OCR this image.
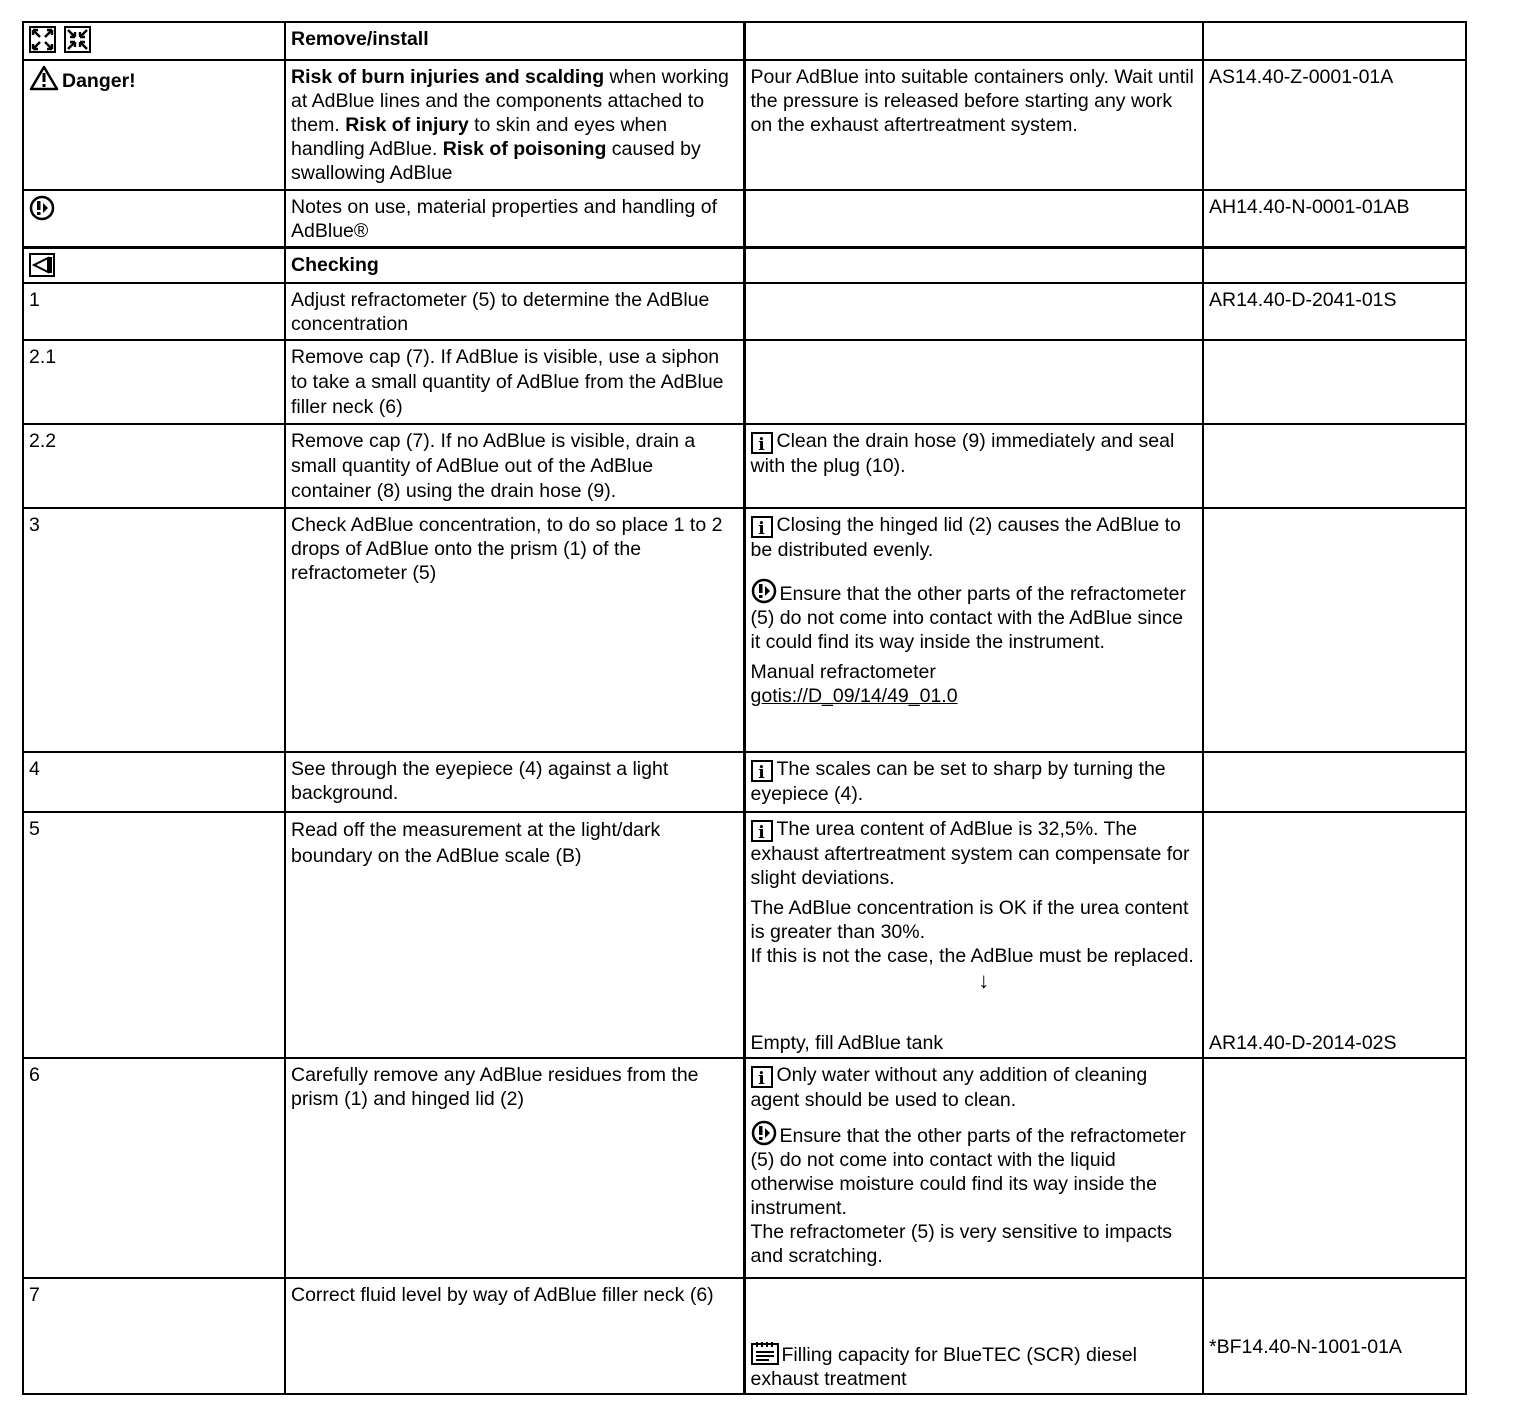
	Remove/install		
Danger!	Risk of burn injuries and scalding when working at AdBlue lines and the components attached to them. Risk of injury to skin and eyes when handling AdBlue. Risk of poisoning caused by swallowing AdBlue	Pour AdBlue into suitable containers only. Wait until the pressure is released before starting any work on the exhaust aftertreatment system.	AS14.40-Z-0001-01A
	Notes on use, material properties and handling of AdBlue®		AH14.40-N-0001-01AB
	Checking		
1	Adjust refractometer (5) to determine the AdBlue concentration		AR14.40-D-2041-01S
2.1	Remove cap (7). If AdBlue is visible, use a siphon to take a small quantity of AdBlue from the AdBlue filler neck (6)		
2.2	Remove cap (7). If no AdBlue is visible, drain a small quantity of AdBlue out of the AdBlue container (8) using the drain hose (9).	i Clean the drain hose (9) immediately and seal with the plug (10).	
3	Check AdBlue concentration, to do so place 1 to 2 drops of AdBlue onto the prism (1) of the refractometer (5)	i Closing the hinged lid (2) causes the AdBlue to be distributed evenly.
Ensure that the other parts of the refractometer (5) do not come into contact with the AdBlue since it could find its way inside the instrument.
Manual refractometer
gotis://D_09/14/49_01.0	

4	See through the eyepiece (4) against a light background.	i The scales can be set to sharp by turning the eyepiece (4).	
5	Read off the measurement at the light/dark boundary on the AdBlue scale (B)	i The urea content of AdBlue is 32,5%. The exhaust aftertreatment system can compensate for slight deviations.
The AdBlue concentration is OK if the urea content is greater than 30%.
If this is not the case, the AdBlue must be replaced.
↓
Empty, fill AdBlue tank	AR14.40-D-2014-02S

6	Carefully remove any AdBlue residues from the prism (1) and hinged lid (2)	i Only water without any addition of cleaning agent should be used to clean.
Ensure that the other parts of the refractometer (5) do not come into contact with the liquid otherwise moisture could find its way inside the instrument.
The refractometer (5) is very sensitive to impacts and scratching.	

7	Correct fluid level by way of AdBlue filler neck (6)	Filling capacity for BlueTEC (SCR) diesel exhaust treatment	*BF14.40-N-1001-01A
